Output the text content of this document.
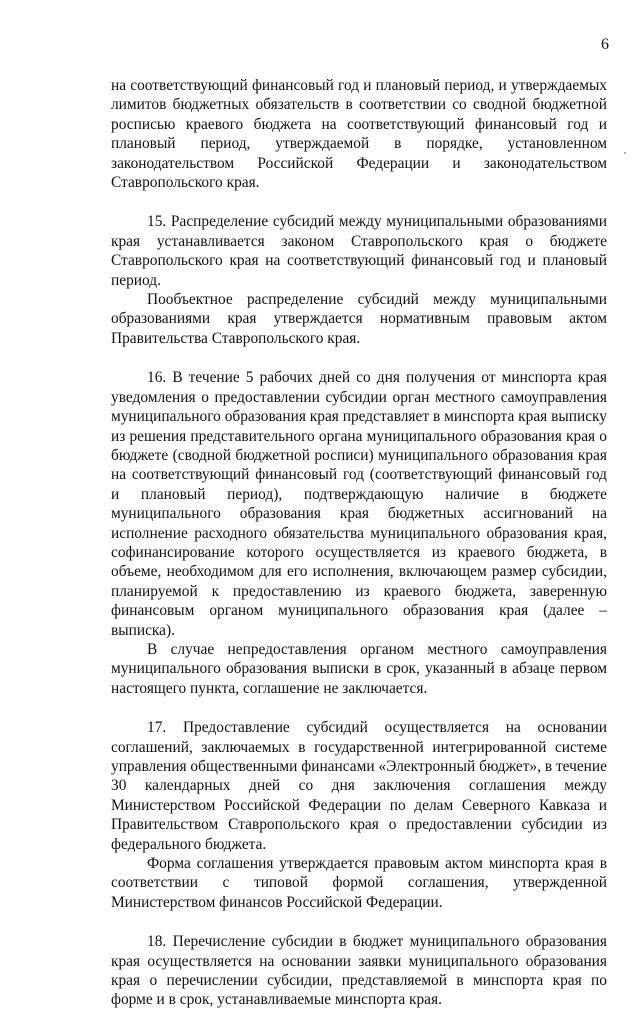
6

на соответствующий финансовый год и плановый период, и утверждаемых лимитов бюджетных обязательств в соответствии со сводной бюджетной росписью краевого бюджета на соответствующий финансовый год и плановый период, утверждаемой в порядке, установленном законодательством Российской Федерации и законодательством Ставропольского края.

15. Распределение субсидий между муниципальными образованиями края устанавливается законом Ставропольского края о бюджете Ставропольского края на соответствующий финансовый год и плановый период.

Пообъектное распределение субсидий между муниципальными образованиями края утверждается нормативным правовым актом Правительства Ставропольского края.

16. В течение 5 рабочих дней со дня получения от минспорта края уведомления о предоставлении субсидии орган местного самоуправления муниципального образования края представляет в минспорта края выписку из решения представительного органа муниципального образования края о бюджете (сводной бюджетной росписи) муниципального образования края на соответствующий финансовый год (соответствующий финансовый год и плановый период), подтверждающую наличие в бюджете муниципального образования края бюджетных ассигнований на исполнение расходного обязательства муниципального образования края, софинансирование которого осуществляется из краевого бюджета, в объеме, необходимом для его исполнения, включающем размер субсидии, планируемой к предоставлению из краевого бюджета, заверенную финансовым органом муниципального образования края (далее – выписка).

В случае непредоставления органом местного самоуправления муниципального образования выписки в срок, указанный в абзаце первом настоящего пункта, соглашение не заключается.

17. Предоставление субсидий осуществляется на основании соглашений, заключаемых в государственной интегрированной системе управления общественными финансами «Электронный бюджет», в течение 30 календарных дней со дня заключения соглашения между Министерством Российской Федерации по делам Северного Кавказа и Правительством Ставропольского края о предоставлении субсидии из федерального бюджета.

Форма соглашения утверждается правовым актом минспорта края в соответствии с типовой формой соглашения, утвержденной Министерством финансов Российской Федерации.

18. Перечисление субсидии в бюджет муниципального образования края осуществляется на основании заявки муниципального образования края о перечислении субсидии, представляемой в минспорта края по форме и в срок, устанавливаемые минспорта края.
